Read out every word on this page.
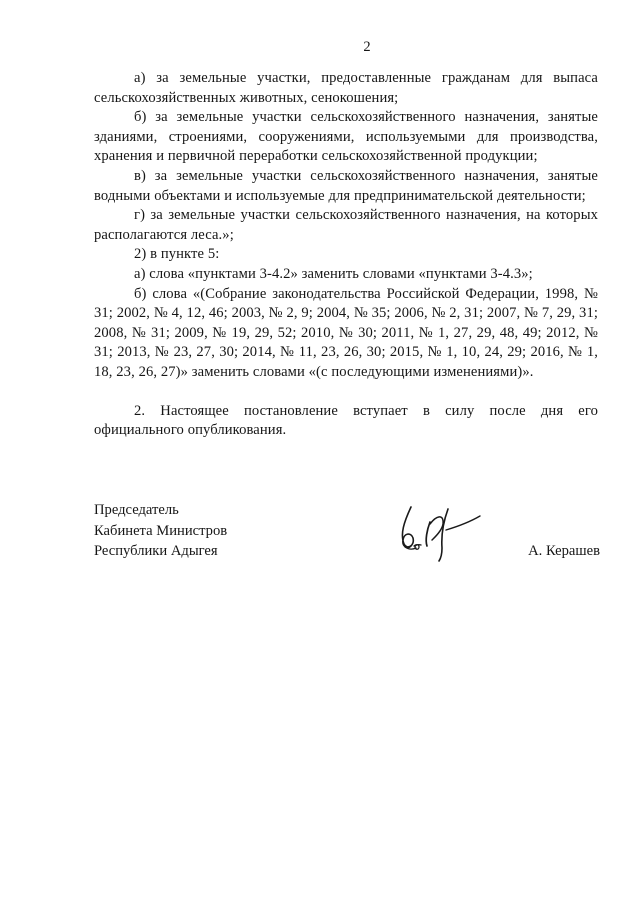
2

а) за земельные участки, предоставленные гражданам для выпаса сельскохозяйственных животных, сенокошения;

б) за земельные участки сельскохозяйственного назначения, занятые зданиями, строениями, сооружениями, используемыми для производства, хранения и первичной переработки сельскохозяйственной продукции;

в) за земельные участки сельскохозяйственного назначения, занятые водными объектами и используемые для предпринимательской деятельности;

г) за земельные участки сельскохозяйственного назначения, на которых располагаются леса.»;

2) в пункте 5:

а) слова «пунктами 3-4.2» заменить словами «пунктами 3-4.3»;

б) слова «(Собрание законодательства Российской Федерации, 1998, № 31; 2002, № 4, 12, 46; 2003, № 2, 9; 2004, № 35; 2006, № 2, 31; 2007, № 7, 29, 31; 2008, № 31; 2009, № 19, 29, 52; 2010, № 30; 2011, № 1, 27, 29, 48, 49; 2012, № 31; 2013, № 23, 27, 30; 2014, № 11, 23, 26, 30; 2015, № 1, 10, 24, 29; 2016, № 1, 18, 23, 26, 27)» заменить словами «(с последующими изменениями)».

2. Настоящее постановление вступает в силу после дня его официального опубликования.

Председатель
Кабинета Министров
Республики Адыгея	А. Керашев
